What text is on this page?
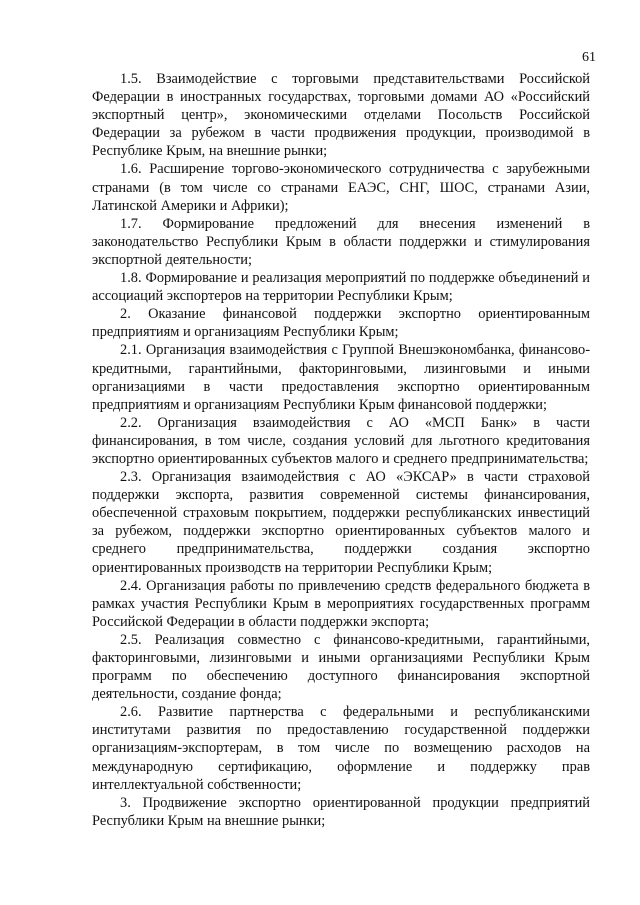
61

1.5. Взаимодействие с торговыми представительствами Российской Федерации в иностранных государствах, торговыми домами АО «Российский экспортный центр», экономическими отделами Посольств Российской Федерации за рубежом в части продвижения продукции, производимой в Республике Крым, на внешние рынки;

1.6. Расширение торгово-экономического сотрудничества с зарубежными странами (в том числе со странами ЕАЭС, СНГ, ШОС, странами Азии, Латинской Америки и Африки);

1.7. Формирование предложений для внесения изменений в законодательство Республики Крым в области поддержки и стимулирования экспортной деятельности;

1.8. Формирование и реализация мероприятий по поддержке объединений и ассоциаций экспортеров на территории Республики Крым;

2. Оказание финансовой поддержки экспортно ориентированным предприятиям и организациям Республики Крым;

2.1. Организация взаимодействия с Группой Внешэкономбанка, финансово-кредитными, гарантийными, факторинговыми, лизинговыми и иными организациями в части предоставления экспортно ориентированным предприятиям и организациям Республики Крым финансовой поддержки;

2.2. Организация взаимодействия с АО «МСП Банк» в части финансирования, в том числе, создания условий для льготного кредитования экспортно ориентированных субъектов малого и среднего предпринимательства;

2.3. Организация взаимодействия с АО «ЭКСАР» в части страховой поддержки экспорта, развития современной системы финансирования, обеспеченной страховым покрытием, поддержки республиканских инвестиций за рубежом, поддержки экспортно ориентированных субъектов малого и среднего предпринимательства, поддержки создания экспортно ориентированных производств на территории Республики Крым;

2.4. Организация работы по привлечению средств федерального бюджета в рамках участия Республики Крым в мероприятиях государственных программ Российской Федерации в области поддержки экспорта;

2.5. Реализация совместно с финансово-кредитными, гарантийными, факторинговыми, лизинговыми и иными организациями Республики Крым программ по обеспечению доступного финансирования экспортной деятельности, создание фонда;

2.6. Развитие партнерства с федеральными и республиканскими институтами развития по предоставлению государственной поддержки организациям-экспортерам, в том числе по возмещению расходов на международную сертификацию, оформление и поддержку прав интеллектуальной собственности;

3. Продвижение экспортно ориентированной продукции предприятий Республики Крым на внешние рынки;
